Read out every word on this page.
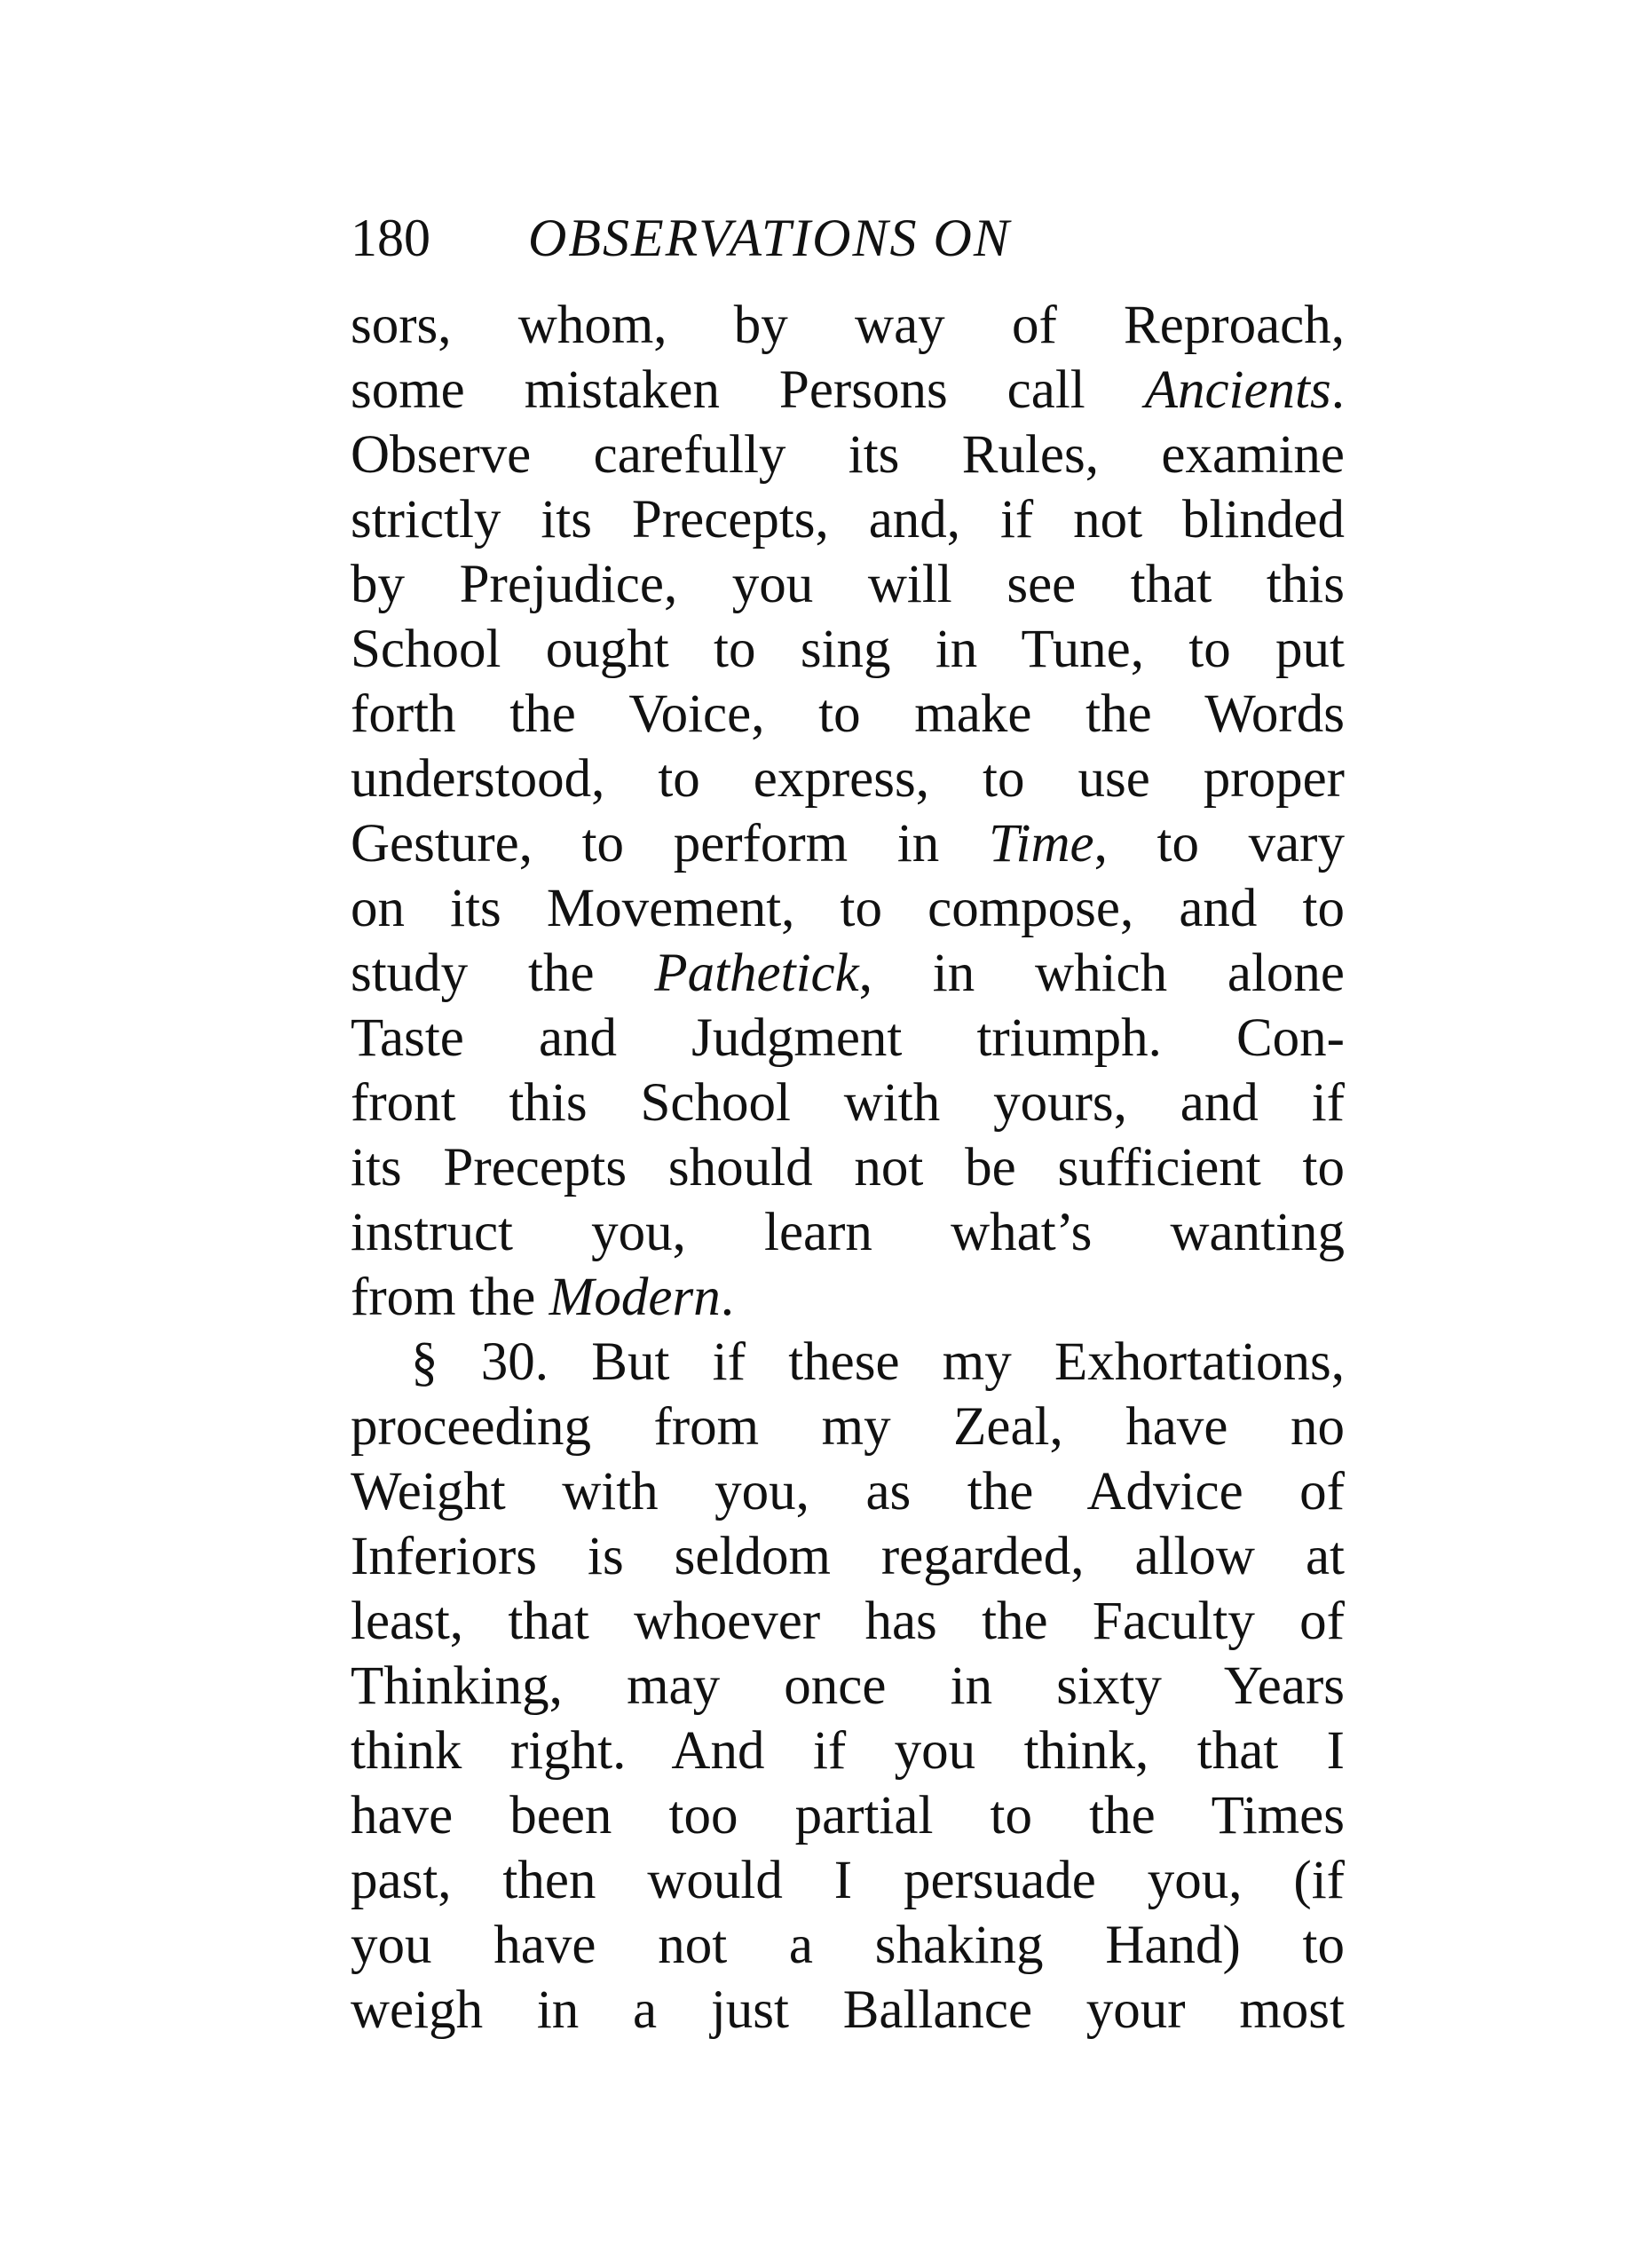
180 OBSERVATIONS ON
sors, whom, by way of Reproach,
some mistaken Persons call Ancients.
Observe carefully its Rules, examine
strictly its Precepts, and, if not blinded
by Prejudice, you will see that this
School ought to sing in Tune, to put
forth the Voice, to make the Words
understood, to express, to use proper
Gesture, to perform in Time, to vary
on its Movement, to compose, and to
study the Pathetick, in which alone
Taste and Judgment triumph. Con-
front this School with yours, and if
its Precepts should not be sufficient to
instruct you, learn what’s wanting
from the Modern.
§ 30. But if these my Exhortations,
proceeding from my Zeal, have no
Weight with you, as the Advice of
Inferiors is seldom regarded, allow at
least, that whoever has the Faculty of
Thinking, may once in sixty Years
think right. And if you think, that I
have been too partial to the Times
past, then would I persuade you, (if
you have not a shaking Hand) to
weigh in a just Ballance your most
